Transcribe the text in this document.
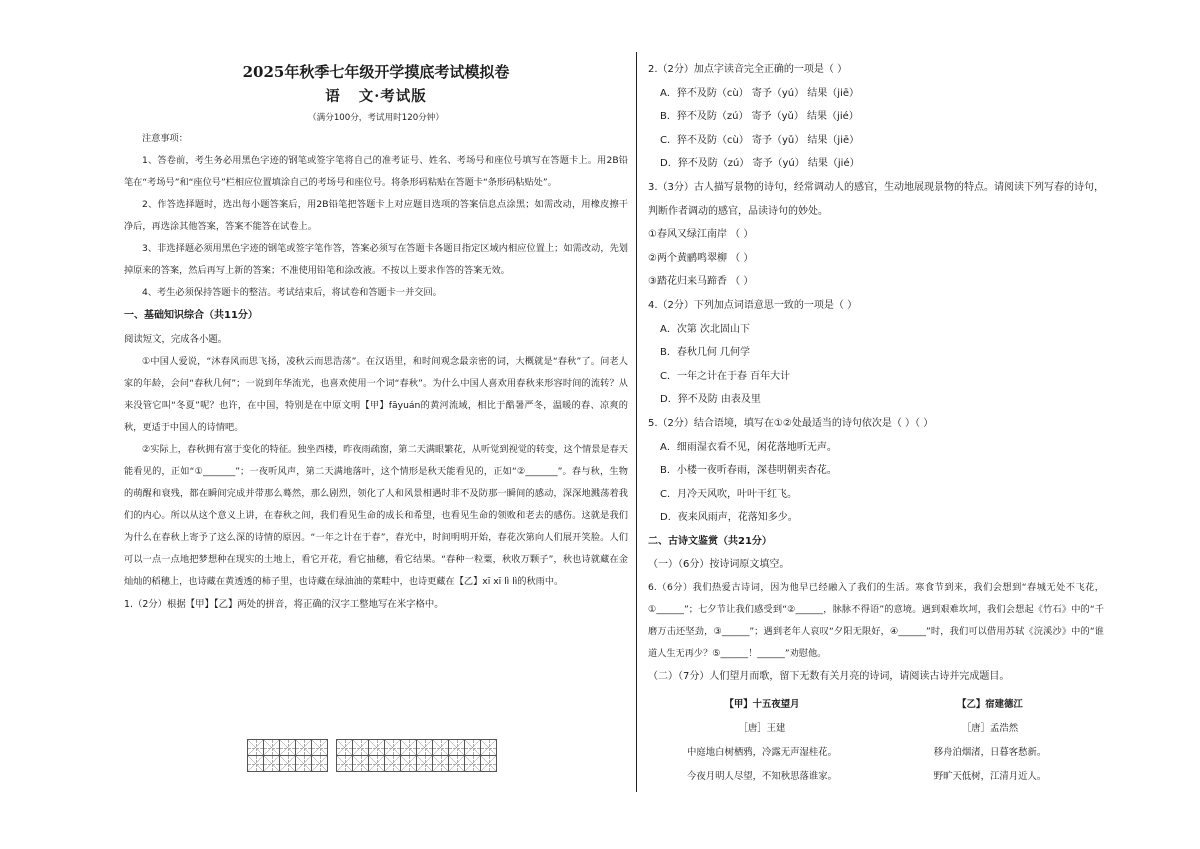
2025年秋季七年级开学摸底考试模拟卷
语 文·考试版
（满分100分，考试用时120分钟）

注意事项：

1、答卷前，考生务必用黑色字迹的钢笔或签字笔将自己的准考证号、姓名、考场号和座位号填写在答题卡上。用2B铅笔在“考场号”和“座位号”栏相应位置填涂自己的考场号和座位号。将条形码粘贴在答题卡“条形码粘贴处”。

2、作答选择题时，选出每小题答案后，用2B铅笔把答题卡上对应题目选项的答案信息点涂黑；如需改动，用橡皮擦干净后，再选涂其他答案，答案不能答在试卷上。

3、非选择题必须用黑色字迹的钢笔或签字笔作答，答案必须写在答题卡各题目指定区域内相应位置上；如需改动，先划掉原来的答案，然后再写上新的答案；不准使用铅笔和涂改液。不按以上要求作答的答案无效。

4、考生必须保持答题卡的整洁。考试结束后，将试卷和答题卡一并交回。

一、基础知识综合（共11分）

阅读短文，完成各小题。

①中国人爱说，“沐春风而思飞扬，凌秋云而思浩荡”。在汉语里，和时间观念最亲密的词，大概就是“春秋”了。问老人家的年龄，会问“春秋几何”；一说到年华流光，也喜欢使用一个词“春秋”。为什么中国人喜欢用春秋来形容时间的流转？从来没管它叫“冬夏”呢？也许，在中国，特别是在中原文明【甲】fāyuán的黄河流域，相比于酷暑严冬，温暖的春、凉爽的秋，更适于中国人的诗情吧。

②实际上，春秋拥有富于变化的特征。独坐西楼，昨夜雨疏窗，第二天满眼繁花，从听觉到视觉的转变，这个情景是春天能看见的，正如“①_______”；一夜听风声，第二天满地落叶，这个情形是秋天能看见的，正如“②_______”。春与秋，生物的萌醒和衰残，都在瞬间完成并带那么蓦然，那么剧烈，领化了人和风景相遇时非不及防那一瞬间的感动，深深地溅荡着我们的内心。所以从这个意义上讲，在春秋之间，我们看见生命的成长和希望，也看见生命的领败和老去的感伤。这就是我们为什么在春秋上寄予了这么深的诗情的原因。“一年之计在于春”，春光中，时间明明开始，春花次第向人们展开笑脸。人们可以一点一点地把梦想种在现实的土地上，看它开花，看它抽穗，看它结果。“春种一粒粟，秋收万颗子”，秋也诗就藏在金灿灿的稻穗上，也诗藏在黄透透的柿子里，也诗藏在绿油油的菜畦中，也诗更藏在【乙】xī xī lì lì的秋雨中。

1.（2分）根据【甲】【乙】两处的拼音，将正确的汉字工整地写在米字格中。

2.（2分）加点字读音完全正确的一项是（ ）

A．猝不及防（cù） 寄予（yú） 结果（jiē）

B．猝不及防（zú） 寄予（yǔ） 结果（jié）

C．猝不及防（cù） 寄予（yǔ） 结果（jiē）

D．猝不及防（zú） 寄予（yú） 结果（jié）

3.（3分）古人描写景物的诗句，经常调动人的感官，生动地展现景物的特点。请阅读下列写春的诗句，判断作者调动的感官，品读诗句的妙处。

①春风又绿江南岸 （ ）

②两个黄鹂鸣翠柳 （ ）

③踏花归来马蹄香 （ ）

4.（2分）下列加点词语意思一致的一项是（ ）

A．次第 次北固山下

B．春秋几何 几何学

C．一年之计在于春 百年大计

D．猝不及防 由表及里

5.（2分）结合语境，填写在①②处最适当的诗句依次是（ ）（ ）

A．细雨湿衣看不见，闲花落地听无声。

B．小楼一夜听春雨，深巷明朝卖杏花。

C．月冷天风吹，叶叶干红飞。

D．夜来风雨声，花落知多少。

二、古诗文鉴赏（共21分）

（一）（6分）按诗词原文填空。

6.（6分）我们热爱古诗词，因为他早已经融入了我们的生活。寒食节到来，我们会想到“春城无处不飞花，①______”；七夕节让我们感受到“②______，脉脉不得语”的意境。遇到艰难坎坷，我们会想起《竹石》中的“千磨万击还坚劲，③______”；遇到老年人哀叹“夕阳无限好，④______”时，我们可以借用苏轼《浣溪沙》中的“谁道人生无再少？⑤______！______”劝慰他。

（二）（7分）人们望月而歌，留下无数有关月亮的诗词，请阅读古诗并完成题目。

【甲】十五夜望月
［唐］王建
中庭地白树栖鸦，冷露无声湿桂花。
今夜月明人尽望，不知秋思落谁家。
【乙】宿建德江
［唐］孟浩然
移舟泊烟渚，日暮客愁新。
野旷天低树，江清月近人。
